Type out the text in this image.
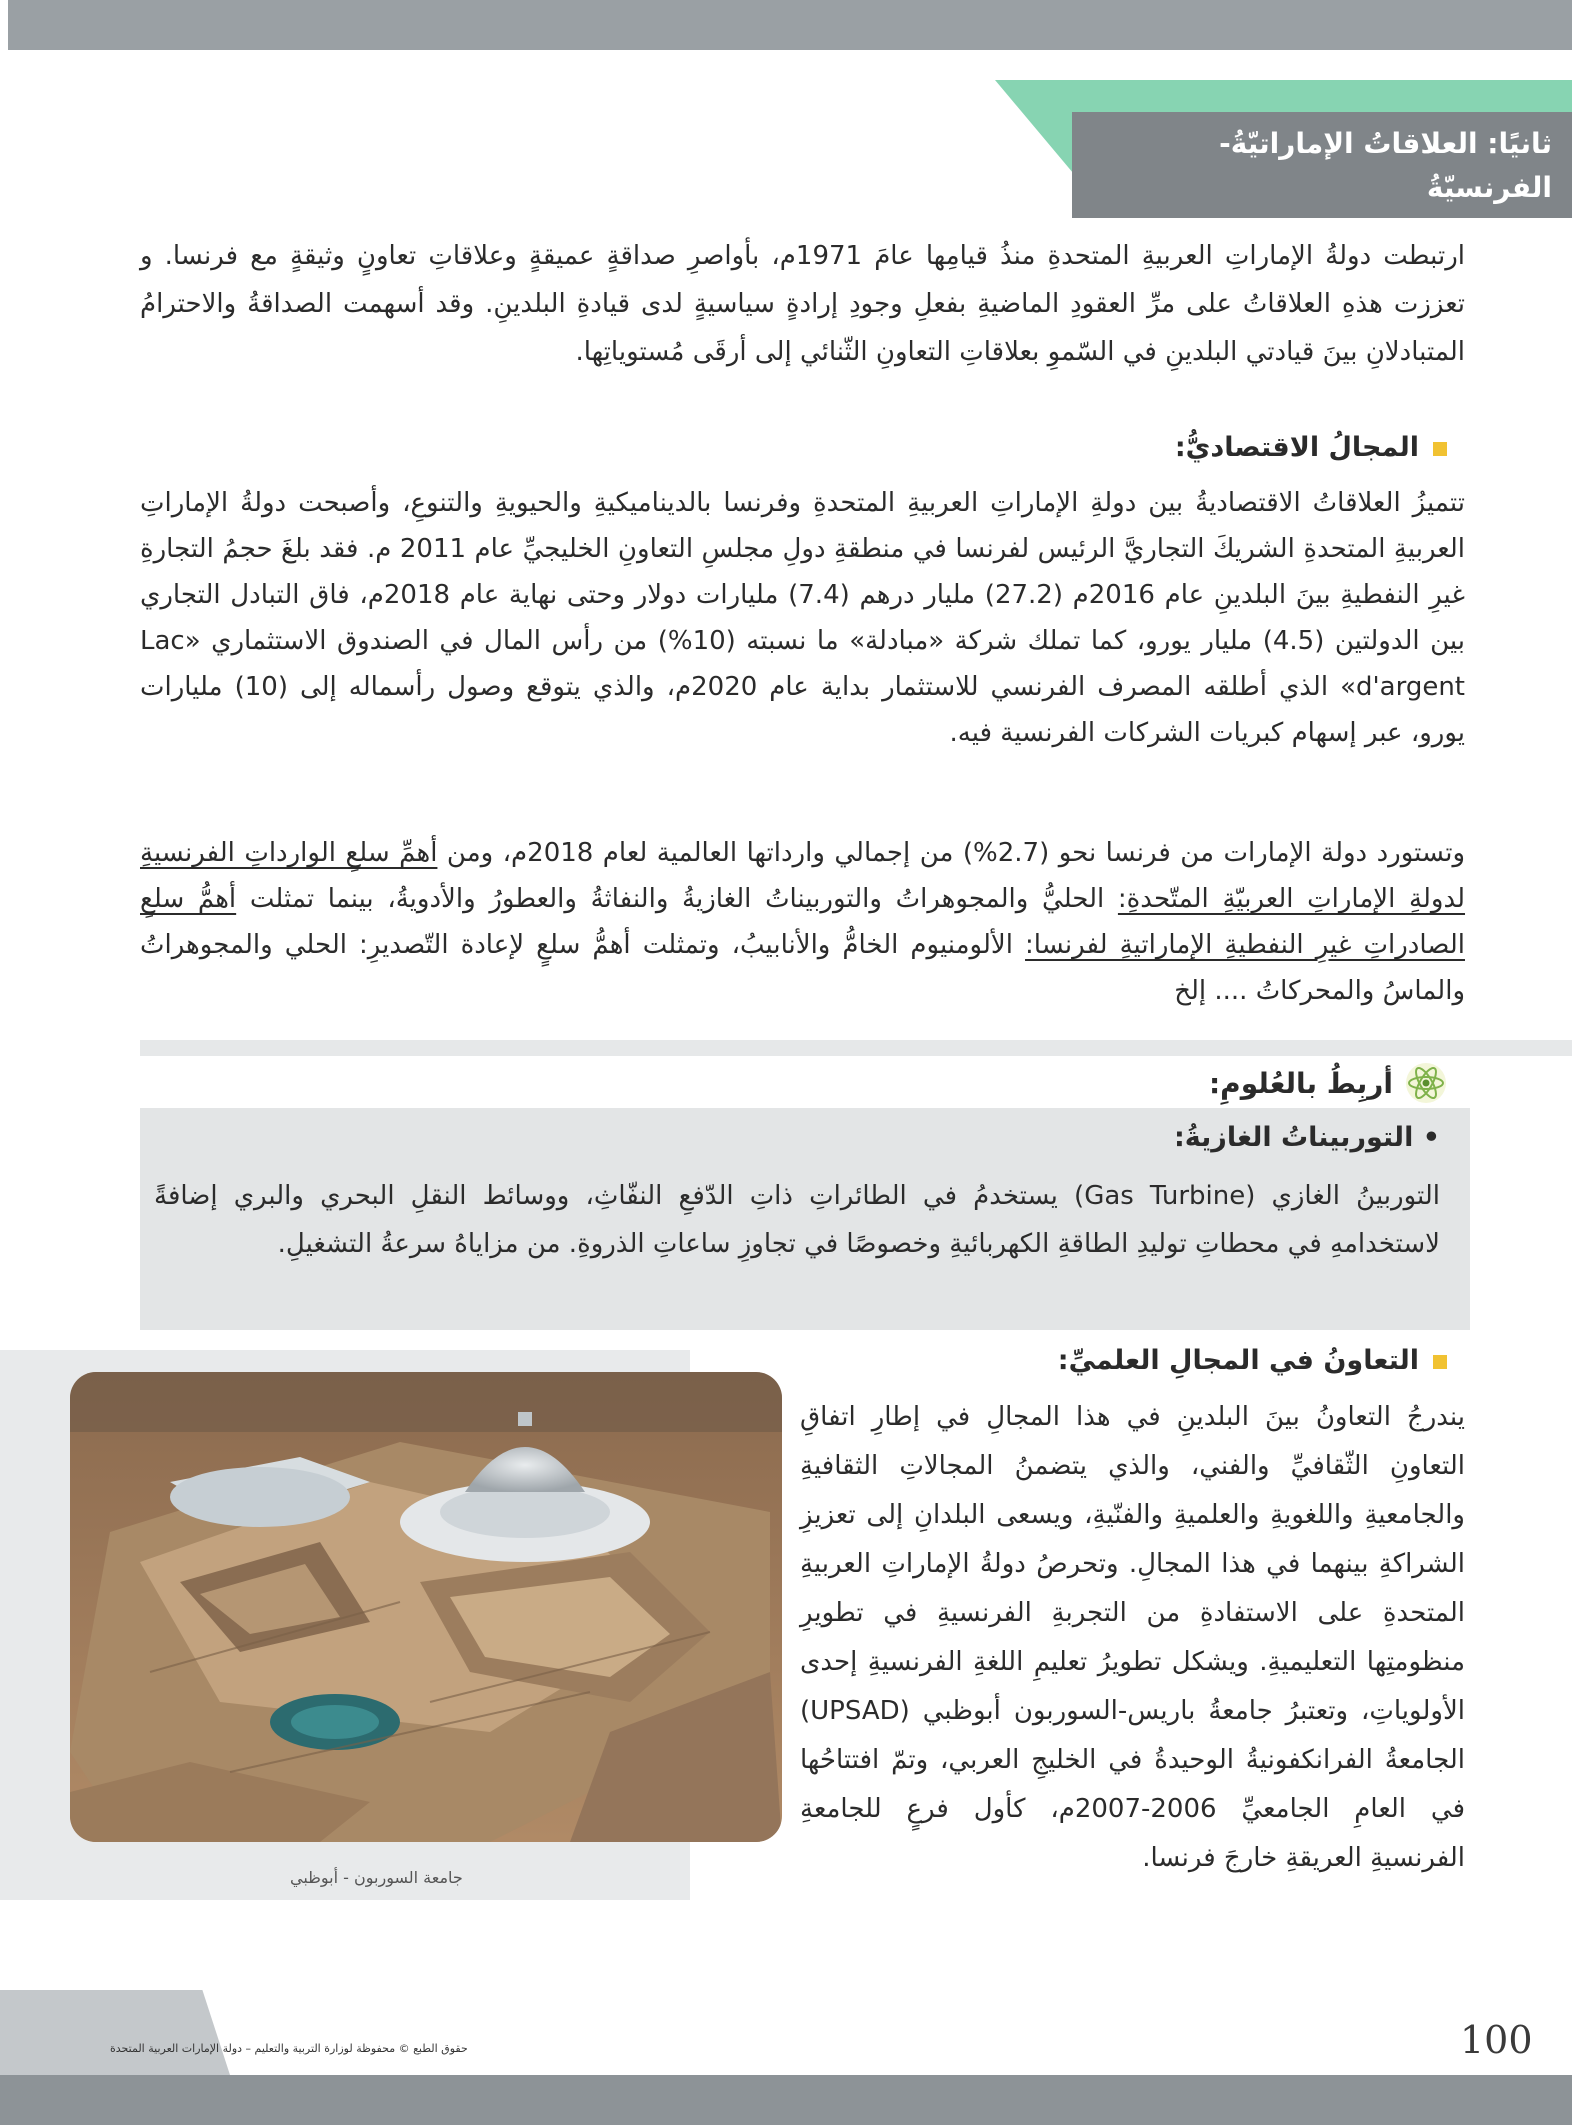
ثانيًا: العلاقاتُ الإماراتيّةُ-الفرنسيّةُ

ارتبطت دولةُ الإماراتِ العربيةِ المتحدةِ منذُ قيامِها عامَ 1971م، بأواصرِ صداقةٍ عميقةٍ وعلاقاتِ تعاونٍ وثيقةٍ مع فرنسا. و تعززت هذهِ العلاقاتُ على مرِّ العقودِ الماضيةِ بفعلِ وجودِ إرادةٍ سياسيةٍ لدى قيادةِ البلدينِ. وقد أسهمت الصداقةُ والاحترامُ المتبادلانِ بينَ قيادتي البلدينِ في السّموِ بعلاقاتِ التعاونِ الثّنائي إلى أرقَى مُستوياتِها.

المجالُ الاقتصاديُّ:

تتميزُ العلاقاتُ الاقتصاديةُ بين دولةِ الإماراتِ العربيةِ المتحدةِ وفرنسا بالديناميكيةِ والحيويةِ والتنوعِ، وأصبحت دولةُ الإماراتِ العربيةِ المتحدةِ الشريكَ التجاريَّ الرئيس لفرنسا في منطقةِ دولِ مجلسِ التعاونِ الخليجيِّ عام 2011 م. فقد بلغَ حجمُ التجارةِ غيرِ النفطيةِ بينَ البلدينِ عام 2016م (27.2) مليار درهم (7.4) مليارات دولار وحتى نهاية عام 2018م، فاق التبادل التجاري بين الدولتين (4.5) مليار يورو، كما تملك شركة «مبادلة» ما نسبته (10%) من رأس المال في الصندوق الاستثماري «Lac d'argent» الذي أطلقه المصرف الفرنسي للاستثمار بداية عام 2020م، والذي يتوقع وصول رأسماله إلى (10) مليارات يورو، عبر إسهام كبريات الشركات الفرنسية فيه.

وتستورد دولة الإمارات من فرنسا نحو (2.7%) من إجمالي وارداتها العالمية لعام 2018م، ومن أهمِّ سلعِ الوارداتِ الفرنسيةِ لدولةِ الإماراتِ العربيّةِ المتّحدةِ: الحليُّ والمجوهراتُ والتوربيناتُ الغازيةُ والنفاثةُ والعطورُ والأدويةُ، بينما تمثلت أهمُّ سلعِ الصادراتِ غيرِ النفطيةِ الإماراتيةِ لفرنسا: الألومنيوم الخامُّ والأنابيبُ، وتمثلت أهمُّ سلعٍ لإعادة التّصديرِ: الحلي والمجوهراتُ والماسُ والمحركاتُ .... إلخ

أربِطُ بالعُلومِ:
• التوربيناتُ الغازيةُ:

التوربينُ الغازي (Gas Turbine) يستخدمُ في الطائراتِ ذاتِ الدّفعِ النفّاثِ، ووسائط النقلِ البحري والبري إضافةً لاستخدامهِ في محطاتِ توليدِ الطاقةِ الكهربائيةِ وخصوصًا في تجاوزِ ساعاتِ الذروةِ. من مزاياهُ سرعةُ التشغيلِ.

جامعة السوربون - أبوظبي
التعاونُ في المجالِ العلميِّ:

يندرجُ التعاونُ بينَ البلدينِ في هذا المجالِ في إطارِ اتفاقِ التعاونِ الثّقافيِّ والفني، والذي يتضمنُ المجالاتِ الثقافيةِ والجامعيةِ واللغويةِ والعلميةِ والفنّيةِ، ويسعى البلدانِ إلى تعزيزِ الشراكةِ بينهما في هذا المجالِ. وتحرصُ دولةُ الإماراتِ العربيةِ المتحدةِ على الاستفادةِ من التجربةِ الفرنسيةِ في تطويرِ منظومتِها التعليميةِ. ويشكل تطويرُ تعليمِ اللغةِ الفرنسيةِ إحدى الأولوياتِ، وتعتبرُ جامعةُ باريس-السوربون أبوظبي (UPSAD) الجامعةُ الفرانكفونيةُ الوحيدةُ في الخليجِ العربي، وتمّ افتتاحُها في العامِ الجامعيِّ 2006-2007م، كأول فرعٍ للجامعةِ الفرنسيةِ العريقةِ خارجَ فرنسا.

100
حقوق الطبع © محفوظة لوزارة التربية والتعليم – دولة الإمارات العربية المتحدة
